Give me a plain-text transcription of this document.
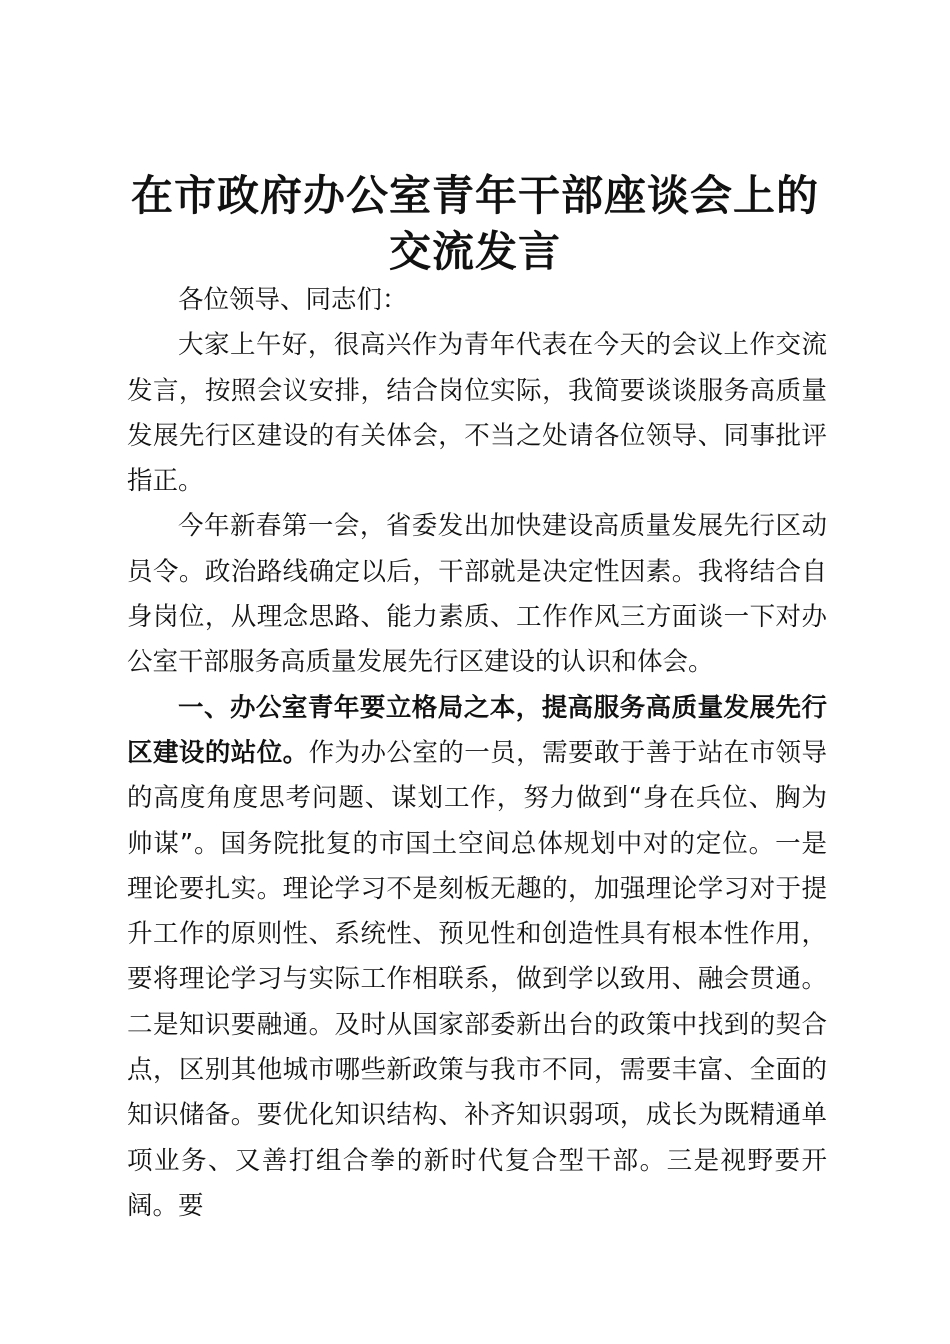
在市政府办公室青年干部座谈会上的交流发言

各位领导、同志们：

大家上午好，很高兴作为青年代表在今天的会议上作交流发言，按照会议安排，结合岗位实际，我简要谈谈服务高质量发展先行区建设的有关体会，不当之处请各位领导、同事批评指正。

今年新春第一会，省委发出加快建设高质量发展先行区动员令。政治路线确定以后，干部就是决定性因素。我将结合自身岗位，从理念思路、能力素质、工作作风三方面谈一下对办公室干部服务高质量发展先行区建设的认识和体会。

一、办公室青年要立格局之本，提高服务高质量发展先行区建设的站位。作为办公室的一员，需要敢于善于站在市领导的高度角度思考问题、谋划工作，努力做到“身在兵位、胸为帅谋”。国务院批复的市国土空间总体规划中对的定位。一是理论要扎实。理论学习不是刻板无趣的，加强理论学习对于提升工作的原则性、系统性、预见性和创造性具有根本性作用，要将理论学习与实际工作相联系，做到学以致用、融会贯通。二是知识要融通。及时从国家部委新出台的政策中找到的契合点，区别其他城市哪些新政策与我市不同，需要丰富、全面的知识储备。要优化知识结构、补齐知识弱项，成长为既精通单项业务、又善打组合拳的新时代复合型干部。三是视野要开阔。要
